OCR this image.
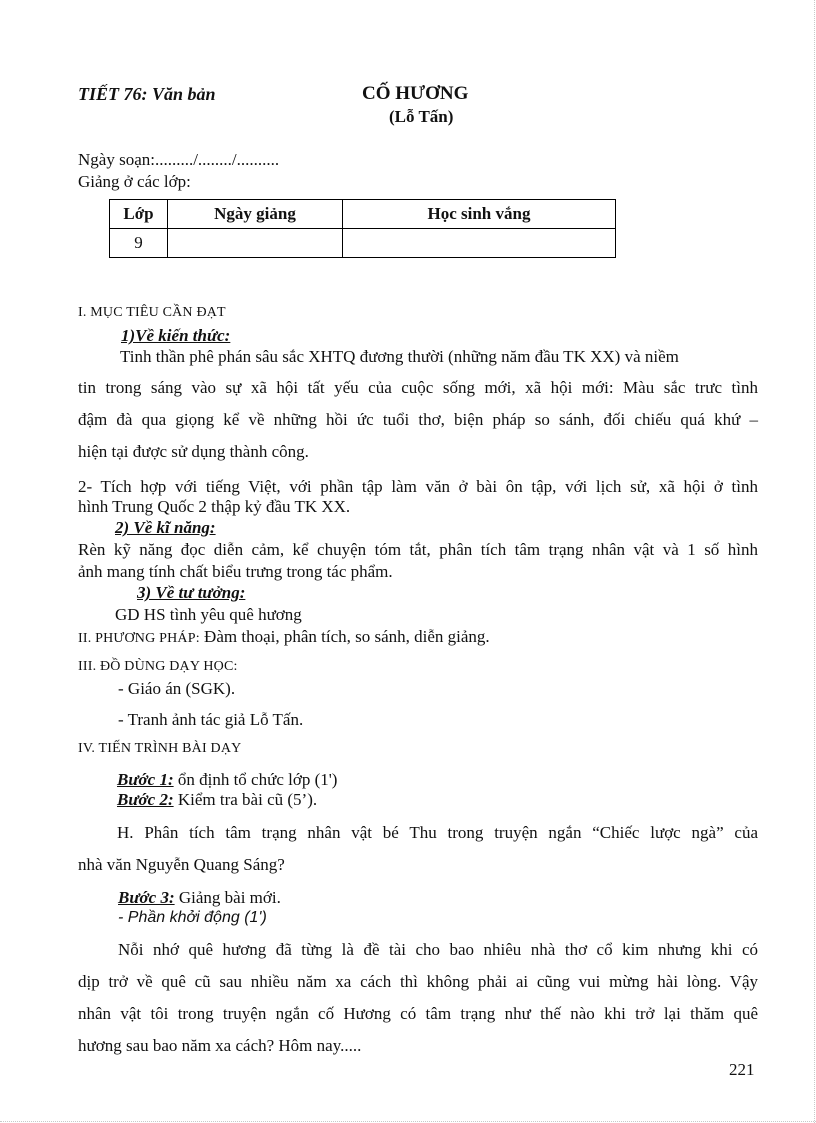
TIẾT 76: Văn bản	CỐ HƯƠNG
(Lỗ Tấn)
Ngày soạn:........./......../..........
Giảng ở các lớp:
Lớp	Ngày giảng	Học sinh vắng
9		
I. MỤC TIÊU CẦN ĐẠT
1)Về kiến thức:
Tinh thần phê phán sâu sắc XHTQ đương thười (những năm đầu TK XX) và niềm
tin trong sáng vào sự xã hội tất yếu của cuộc sống mới, xã hội mới: Màu sắc trưc tình
đậm đà qua giọng kể về những hồi ức tuổi thơ, biện pháp so sánh, đối chiếu quá khứ –
hiện tại được sử dụng thành công.
2- Tích hợp với tiếng Việt, với phần tập làm văn ở bài ôn tập, với lịch sử, xã hội ở tình
hình Trung Quốc 2 thập kỷ đầu TK XX.
2) Về kĩ năng:
Rèn kỹ năng đọc diễn cảm, kể chuyện tóm tắt, phân tích tâm trạng nhân vật và 1 số hình
ảnh mang tính chất biểu trưng trong tác phẩm.
3) Về tư tưởng:
GD HS tình yêu quê hương
II. PHƯƠNG PHÁP: Đàm thoại, phân tích, so sánh, diễn giảng.
III. ĐỒ DÙNG DẠY HỌC:
- Giáo án (SGK).
- Tranh ảnh tác giả Lỗ Tấn.
IV. TIẾN TRÌNH BÀI DẠY
Bước 1: ổn định tổ chức lớp (1')
Bước 2: Kiểm tra bài cũ (5’).
H. Phân tích tâm trạng nhân vật bé Thu trong truyện ngắn “Chiếc lược ngà” của
nhà văn Nguyễn Quang Sáng?
Bước 3: Giảng bài mới.
- Phần khởi động (1')
Nỗi nhớ quê hương đã từng là đề tài cho bao nhiêu nhà thơ cổ kim nhưng khi có
dịp trở về quê cũ sau nhiều năm xa cách thì không phải ai cũng vui mừng hài lòng. Vậy
nhân vật tôi trong truyện ngắn cố Hương có tâm trạng như thế nào khi trở lại thăm quê
hương sau bao năm xa cách? Hôm nay.....
221
